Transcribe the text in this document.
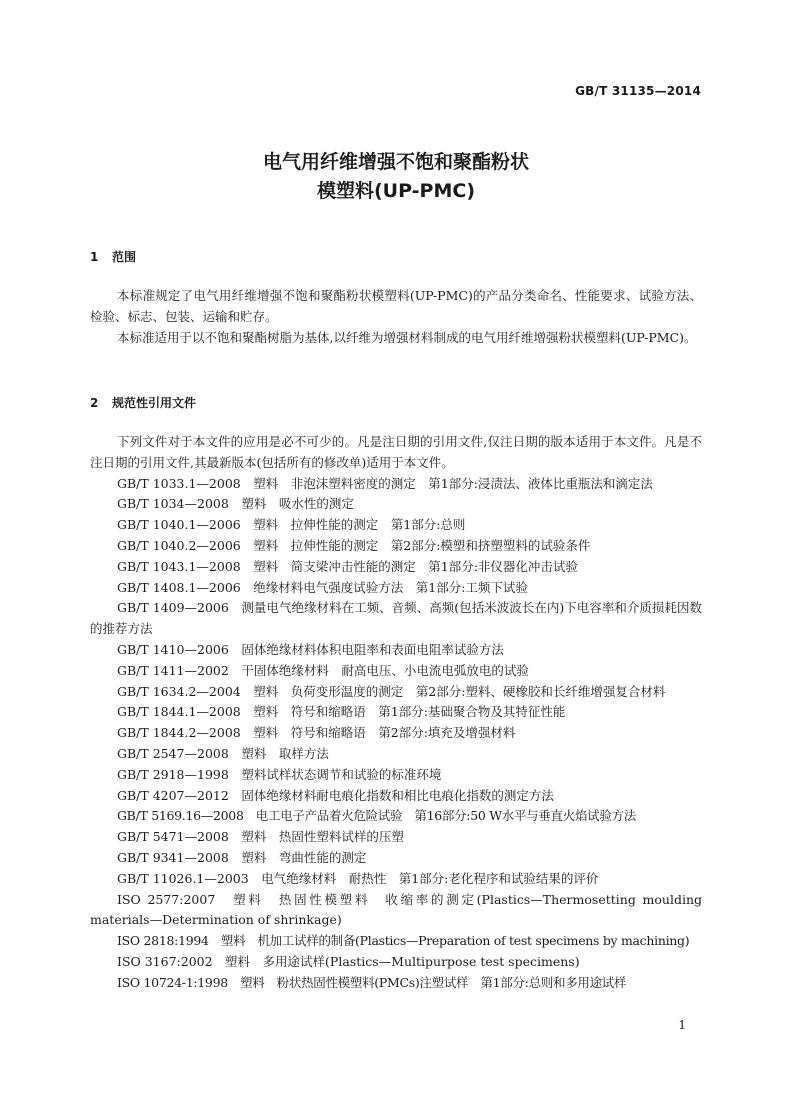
GB/T 31135—2014
电气用纤维增强不饱和聚酯粉状
模塑料(UP-PMC)
1 范围

本标准规定了电气用纤维增强不饱和聚酯粉状模塑料(UP-PMC)的产品分类命名、性能要求、试验方法、检验、标志、包装、运输和贮存。

本标准适用于以不饱和聚酯树脂为基体,以纤维为增强材料制成的电气用纤维增强粉状模塑料(UP-PMC)。

2 规范性引用文件

下列文件对于本文件的应用是必不可少的。凡是注日期的引用文件,仅注日期的版本适用于本文件。凡是不注日期的引用文件,其最新版本(包括所有的修改单)适用于本文件。

GB/T 1033.1—2008　塑料　非泡沫塑料密度的测定　第1部分:浸渍法、液体比重瓶法和滴定法

GB/T 1034—2008　塑料　吸水性的测定

GB/T 1040.1—2006　塑料　拉伸性能的测定　第1部分:总则

GB/T 1040.2—2006　塑料　拉伸性能的测定　第2部分:模塑和挤塑塑料的试验条件

GB/T 1043.1—2008　塑料　简支梁冲击性能的测定　第1部分:非仪器化冲击试验

GB/T 1408.1—2006　绝缘材料电气强度试验方法　第1部分:工频下试验

GB/T 1409—2006　测量电气绝缘材料在工频、音频、高频(包括米波波长在内)下电容率和介质损耗因数的推荐方法

GB/T 1410—2006　固体绝缘材料体积电阻率和表面电阻率试验方法

GB/T 1411—2002　干固体绝缘材料　耐高电压、小电流电弧放电的试验

GB/T 1634.2—2004　塑料　负荷变形温度的测定　第2部分:塑料、硬橡胶和长纤维增强复合材料

GB/T 1844.1—2008　塑料　符号和缩略语　第1部分:基础聚合物及其特征性能

GB/T 1844.2—2008　塑料　符号和缩略语　第2部分:填充及增强材料

GB/T 2547—2008　塑料　取样方法

GB/T 2918—1998　塑料试样状态调节和试验的标准环境

GB/T 4207—2012　固体绝缘材料耐电痕化指数和相比电痕化指数的测定方法

GB/T 5169.16—2008　电工电子产品着火危险试验　第16部分:50 W水平与垂直火焰试验方法

GB/T 5471—2008　塑料　热固性塑料试样的压塑

GB/T 9341—2008　塑料　弯曲性能的测定

GB/T 11026.1—2003　电气绝缘材料　耐热性　第1部分:老化程序和试验结果的评价

ISO 2577:2007　塑料　热固性模塑料　收缩率的测定(Plastics—Thermosetting moulding materials—Determination of shrinkage)

ISO 2818:1994　塑料　机加工试样的制备(Plastics—Preparation of test specimens by machining)

ISO 3167:2002　塑料　多用途试样(Plastics—Multipurpose test specimens)

ISO 10724-1:1998　塑料　粉状热固性模塑料(PMCs)注塑试样　第1部分:总则和多用途试样

1
